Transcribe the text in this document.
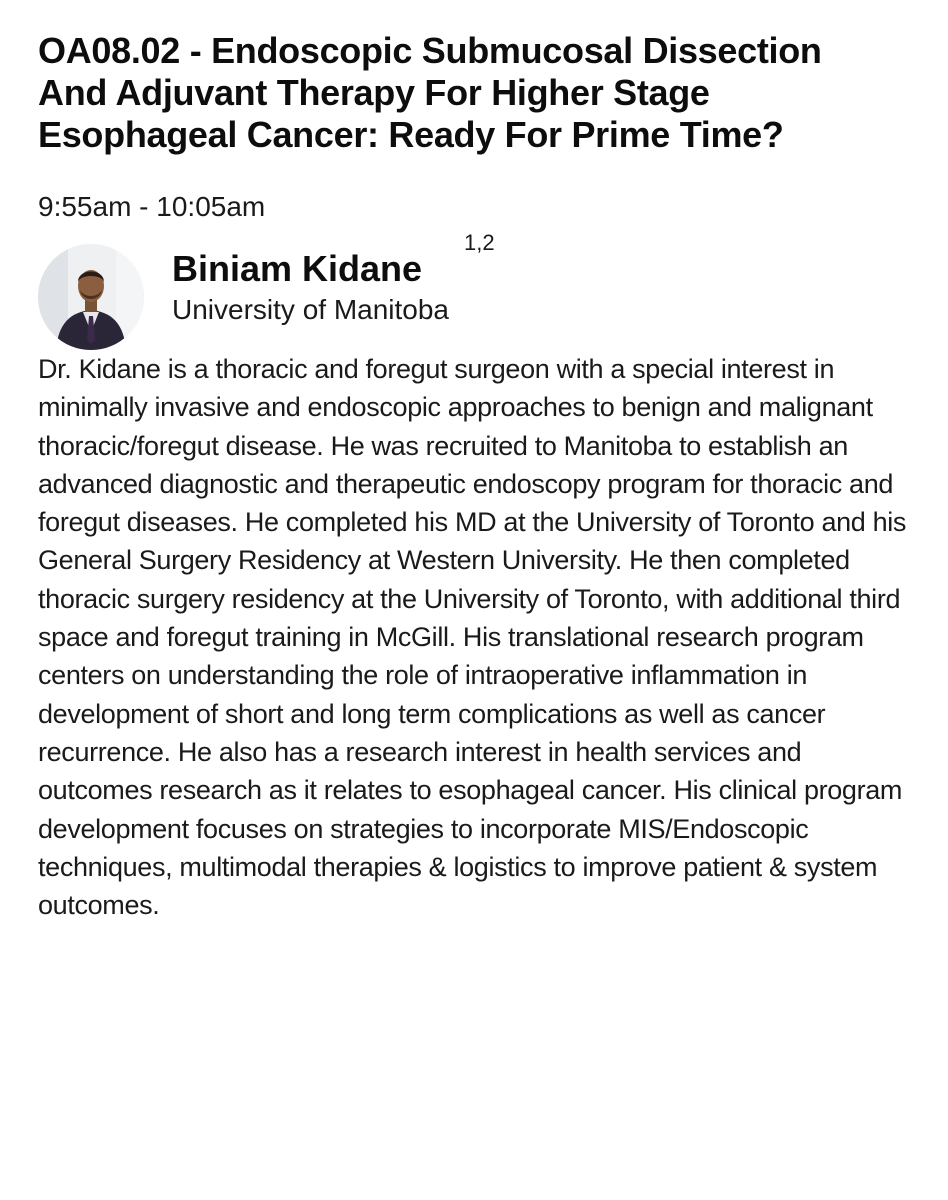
OA08.02 - Endoscopic Submucosal Dissection And Adjuvant Therapy For Higher Stage Esophageal Cancer: Ready For Prime Time?
9:55am - 10:05am
Biniam Kidane
1,2
University of Manitoba
Dr. Kidane is a thoracic and foregut surgeon with a special interest in minimally invasive and endoscopic approaches to benign and malignant thoracic/foregut disease. He was recruited to Manitoba to establish an advanced diagnostic and therapeutic endoscopy program for thoracic and foregut diseases. He completed his MD at the University of Toronto and his General Surgery Residency at Western University. He then completed thoracic surgery residency at the University of Toronto, with additional third space and foregut training in McGill. His translational research program centers on understanding the role of intraoperative inflammation in development of short and long term complications as well as cancer recurrence. He also has a research interest in health services and outcomes research as it relates to esophageal cancer. His clinical program development focuses on strategies to incorporate MIS/Endoscopic techniques, multimodal therapies & logistics to improve patient & system outcomes.
